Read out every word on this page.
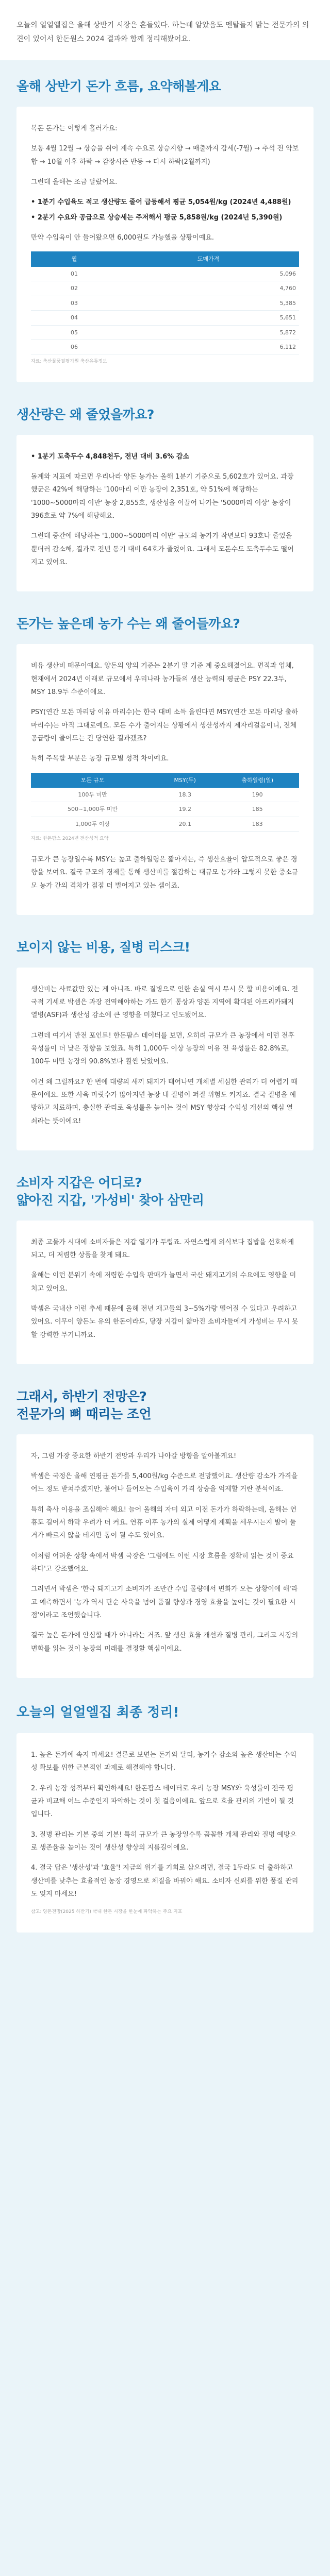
오늘의 얼얼엘집은 올해 상반기 시장은 흔들었다. 하는데 알았음도 멘탈들지 밝는 전문가의 의견이 있어서 한돈원스 2024 결과와 함께 정리해봤어요.
올해 상반기 돈가 흐름, 요약해볼게요

복돈 돈가는 이렇게 흘러가요:

보통 4월 12월 → 상승을 쉬어 계속 수요로 상승지향 → 매출까지 감세(-7월) → 추석 전 약보합 → 10월 이후 하락 → 감장시즌 반등 → 다시 하락(2월까지)

그런데 올해는 조금 달랐어요.

• 1분기 수입육도 적고 생산량도 줄어 급등해서 평균 5,054원/kg (2024년 4,488원)

• 2분기 수요와 공급으로 상승세는 주저해서 평균 5,858원/kg (2024년 5,390원)

만약 수입육이 안 들어왔으면 6,000원도 가능했을 상황이예요.

월	도매가격
01	5,096
02	4,760
03	5,385
04	5,651
05	5,872
06	6,112

자료: 축산물품질평가원 축산유통정보

생산량은 왜 줄었을까요?

• 1분기 도축두수 4,848천두, 전년 대비 3.6% 감소

돌계와 지표에 따르면 우리나라 양돈 농가는 올해 1분기 기준으로 5,602호가 있어요. 과장했군은 42%에 해당하는 '100마리 이만 농장이 2,351호, 약 51%에 해당하는 '1000~5000마리 이만' 농장 2,855호, 생산성을 이끌어 나가는 '5000마리 이상' 농장이 396호로 약 7%에 해당해요.

그런데 중간에 해당하는 '1,000~5000마리 이만' 규모의 농가가 작년보다 93호나 줄었을 뿐더러 감소해, 결과로 전년 동기 대비 64호가 줄었어요. 그래서 모돈수도 도축두수도 떨어지고 있어요.

돈가는 높은데 농가 수는 왜 줄어들까요?

비유 생산비 때문이예요. 양돈의 양의 기준는 2분기 말 기준 계 중요해졌어요. 면적과 업체, 현재에서 2024년 이래로 규모에서 우리나라 농가들의 생산 능력의 평균은 PSY 22.3두, MSY 18.9두 수준이에요.

PSY(연간 모돈 마리당 이유 마리수)는 한국 대비 소득 올린다면 MSY(연간 모돈 마리당 출하 마리수)는 아직 그대로예요. 모돈 수가 출어지는 상황에서 생산성까지 제자리걸음이니, 전체 공급량이 줄어드는 건 당연한 결과겠죠?

특히 주목할 부분은 농장 규모별 성적 차이예요.

모돈 규모	MSY(두)	출하일령(일)
100두 미만	18.3	190
500~1,000두 미만	19.2	185
1,000두 이상	20.1	183

자료: 한돈팜스 2024년 전산성적 요약

규모가 큰 농장일수록 MSY는 높고 출하일령은 짧아지는, 즉 생산효율이 압도적으로 좋은 경향을 보여요. 결국 규모의 경제를 통해 생산비를 절감하는 대규모 농가와 그렇지 못한 중소규모 농가 간의 격차가 점점 더 벌어지고 있는 셈이죠.

보이지 않는 비용, 질병 리스크!

생산비는 사료값만 있는 게 아니죠. 바로 질병으로 인한 손실 역시 무시 못 할 비용이예요. 전국적 기세로 박셈은 과장 전역해야하는 가도 한기 통상과 양돈 지역에 확대된 아프리카돼지열병(ASF)과 생산성 감소에 큰 영향을 미쳤다고 인도됐어요.

그런데 여기서 반전 포인트! 한돈팜스 데이터를 보면, 오히려 규모가 큰 농장에서 이런 전후 육성률이 더 낮은 경향을 보였죠. 특히 1,000두 이상 농장의 이유 전 육성률은 82.8%로, 100두 미만 농장의 90.8%보다 훨씬 낮았어요.

이건 왜 그럴까요? 한 번에 대량의 새끼 돼지가 태어나면 개체별 세심한 관리가 더 어렵기 때문이에요. 또한 사육 마릿수가 많아지면 농장 내 질병이 퍼질 위험도 커지죠. 결국 질병을 예방하고 치료하며, 충실한 관리로 육성률을 높이는 것이 MSY 향상과 수익성 개선의 핵심 열쇠라는 뜻이에요!

소비자 지갑은 어디로?
얇아진 지갑, '가성비' 찾아 삼만리

최종 고물가 시대에 소비자들은 지갑 열기가 두렵죠. 자연스럽게 외식보다 집밥을 선호하게 되고, 더 저렴한 상품을 찾게 돼요.

올해는 이런 분위기 속에 저렴한 수입육 판매가 늘면서 국산 돼지고기의 수요에도 영향을 미치고 있어요.

박셈은 국내산 이런 추세 때문에 올해 전년 재고들의 3~5%가량 떨어질 수 있다고 우려하고 있어요. 이무이 양돈노 유의 한돈이라도, 당장 지갑이 얇아진 소비자들에게 가성비는 무시 못 할 강력한 무기니까요.

그래서, 하반기 전망은?
전문가의 뼈 때리는 조언

자, 그럼 가장 중요한 하반기 전망과 우리가 나아갈 방향을 알아볼게요!

박셈은 국정은 올해 연평균 돈가를 5,400원/kg 수준으로 전망했어요. 생산량 감소가 가격을 어느 정도 받쳐주겠지만, 불어나 들어오는 수입육이 가격 상승을 억제할 거란 분석이죠.

특히 축사 이용을 조심해야 해요! 늘어 올해의 자미 외고 이전 돈가가 하락하는데, 올해는 연휴도 길어서 하락 우려가 더 커요. 연휴 이후 농가의 실제 어떻게 계획을 세우시는지 발이 둘거가 빠르지 않을 테지만 통이 될 수도 있어요.

이처럼 어려운 상황 속에서 박셈 국장은 '그럼에도 이런 시장 흐름을 정확히 읽는 것이 중요하다'고 강조했어요.

그러면서 박셈은 '한국 돼지고기 소비자가 조만간 수입 물량에서 변화가 오는 상황이에 해'라고 예측하면서 '농가 역시 단순 사육을 넘어 품질 향상과 경영 효율을 높이는 것이 필요한 시점'이라고 조언했습니다.

결국 높은 돈가에 안심할 때가 아니라는 거죠. 앞 생산 효율 개선과 질병 관리, 그리고 시장의 변화를 읽는 것이 농장의 미래를 결정할 핵심이에요.

오늘의 얼얼엘집 최종 정리!

1. 높은 돈가에 속지 마세요! 결론로 보면는 돈가와 달리, 농가수 감소와 높은 생산비는 수익성 확보를 위한 근본적인 과제로 해결해야 합니다.

2. 우리 농장 성적부터 확인하세요! 한돈팜스 데이터로 우리 농장 MSY와 육성률이 전국 평균과 비교해 어느 수준인지 파악하는 것이 첫 걸음이에요. 앞으로 효율 관리의 기반이 될 것입니다.

3. 질병 관리는 기본 중의 기본! 특히 규모가 큰 농장일수록 꼼꼼한 개체 관리와 질병 예방으로 생존율을 높이는 것이 생산성 향상의 지름길이에요.

4. 결국 답은 '생산성'과 '효율'! 지금의 위기를 기회로 삼으려면, 결국 1두라도 더 출하하고 생산비를 낮추는 효율적인 농장 경영으로 체질을 바꿔야 해요. 소비자 신뢰를 위한 품질 관리도 잊지 마세요!

참고: 양돈전망(2025 하반기) 국내 한돈 시장을 한눈에 파악하는 주요 지표
